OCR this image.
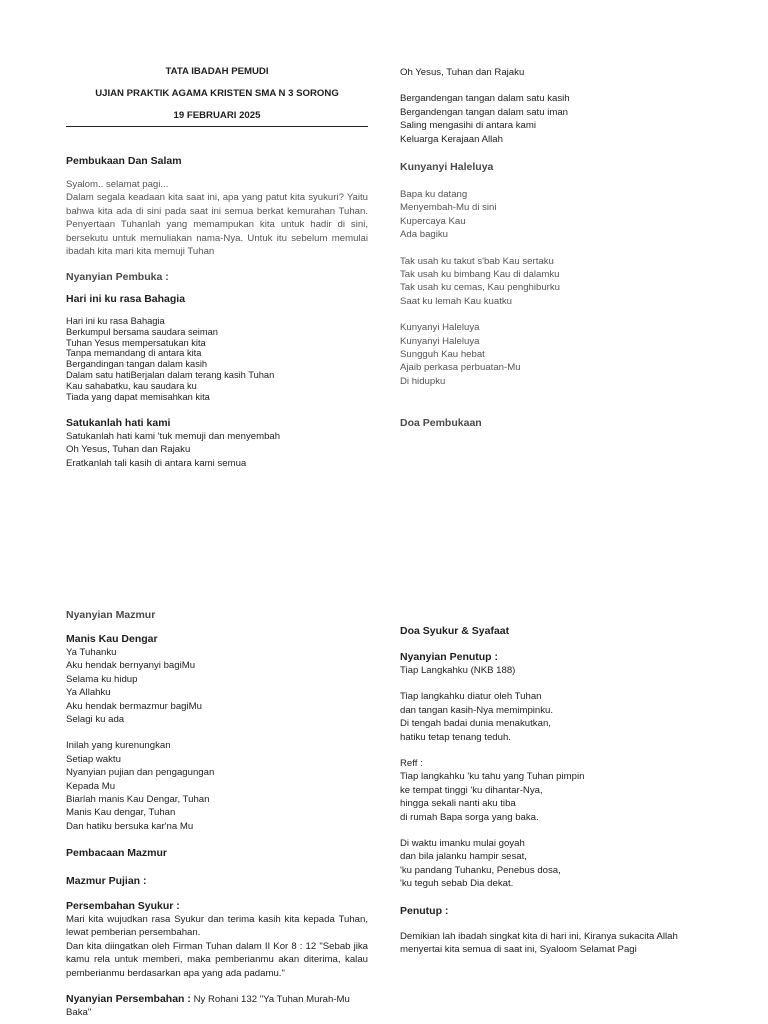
TATA IBADAH PEMUDI
UJIAN PRAKTIK AGAMA KRISTEN SMA N 3 SORONG
19 FEBRUARI 2025
Pembukaan Dan Salam
Syalom.. selamat pagi...
Dalam segala keadaan kita saat ini, apa yang patut kita syukuri? Yaitu bahwa kita ada di sini pada saat ini semua berkat kemurahan Tuhan. Penyertaan Tuhanlah yang memampukan kita untuk hadir di sini, bersekutu untuk memuliakan nama-Nya. Untuk itu sebelum memulai ibadah kita mari kita memuji Tuhan
Nyanyian Pembuka :
Hari ini ku rasa Bahagia
Hari ini ku rasa Bahagia
Berkumpul bersama saudara seiman
Tuhan Yesus mempersatukan kita
Tanpa memandang di antara kita
Bergandingan tangan dalam kasih
Dalam satu hatiBerjalan dalam terang kasih Tuhan
Kau sahabatku, kau saudara ku
Tiada yang dapat memisahkan kita
Satukanlah hati kami
Satukanlah hati kami 'tuk memuji dan menyembah
Oh Yesus, Tuhan dan Rajaku
Eratkanlah tali kasih di antara kami semua
Nyanyian Mazmur
Manis Kau Dengar
Ya Tuhanku
Aku hendak bernyanyi bagiMu
Selama ku hidup
Ya Allahku
Aku hendak bermazmur bagiMu
Selagi ku ada
Inilah yang kurenungkan
Setiap waktu
Nyanyian pujian dan pengagungan
Kepada Mu
Biarlah manis Kau Dengar, Tuhan
Manis Kau dengar, Tuhan
Dan hatiku bersuka kar'na Mu
Pembacaan Mazmur
Mazmur Pujian :
Persembahan Syukur :
Mari kita wujudkan rasa Syukur dan terima kasih kita kepada Tuhan, lewat pemberian persembahan.
Dan kita diingatkan oleh Firman Tuhan dalam II Kor 8 : 12 "Sebab jika kamu rela untuk memberi, maka pemberianmu akan diterima, kalau pemberianmu berdasarkan apa yang ada padamu."
Nyanyian Persembahan : Ny Rohani 132 "Ya Tuhan Murah-Mu Baka"
Oh Yesus, Tuhan dan Rajaku
Bergandengan tangan dalam satu kasih
Bergandengan tangan dalam satu iman
Saling mengasihi di antara kami
Keluarga Kerajaan Allah
Kunyanyi Haleluya
Bapa ku datang
Menyembah-Mu di sini
Kupercaya Kau
Ada bagiku
Tak usah ku takut s'bab Kau sertaku
Tak usah ku bimbang Kau di dalamku
Tak usah ku cemas, Kau penghiburku
Saat ku lemah Kau kuatku
Kunyanyi Haleluya
Kunyanyi Haleluya
Sungguh Kau hebat
Ajaib perkasa perbuatan-Mu
Di hidupku
Doa Pembukaan
Doa Syukur & Syafaat
Nyanyian Penutup :
Tiap Langkahku (NKB 188)
Tiap langkahku diatur oleh Tuhan
dan tangan kasih-Nya memimpinku.
Di tengah badai dunia menakutkan,
hatiku tetap tenang teduh.
Reff :
Tiap langkahku 'ku tahu yang Tuhan pimpin
ke tempat tinggi 'ku dihantar-Nya,
hingga sekali nanti aku tiba
di rumah Bapa sorga yang baka.
Di waktu imanku mulai goyah
dan bila jalanku hampir sesat,
'ku pandang Tuhanku, Penebus dosa,
'ku teguh sebab Dia dekat.
Penutup :
Demikian lah ibadah singkat kita di hari ini, Kiranya sukacita Allah menyertai kita semua di saat ini, Syaloom Selamat Pagi
